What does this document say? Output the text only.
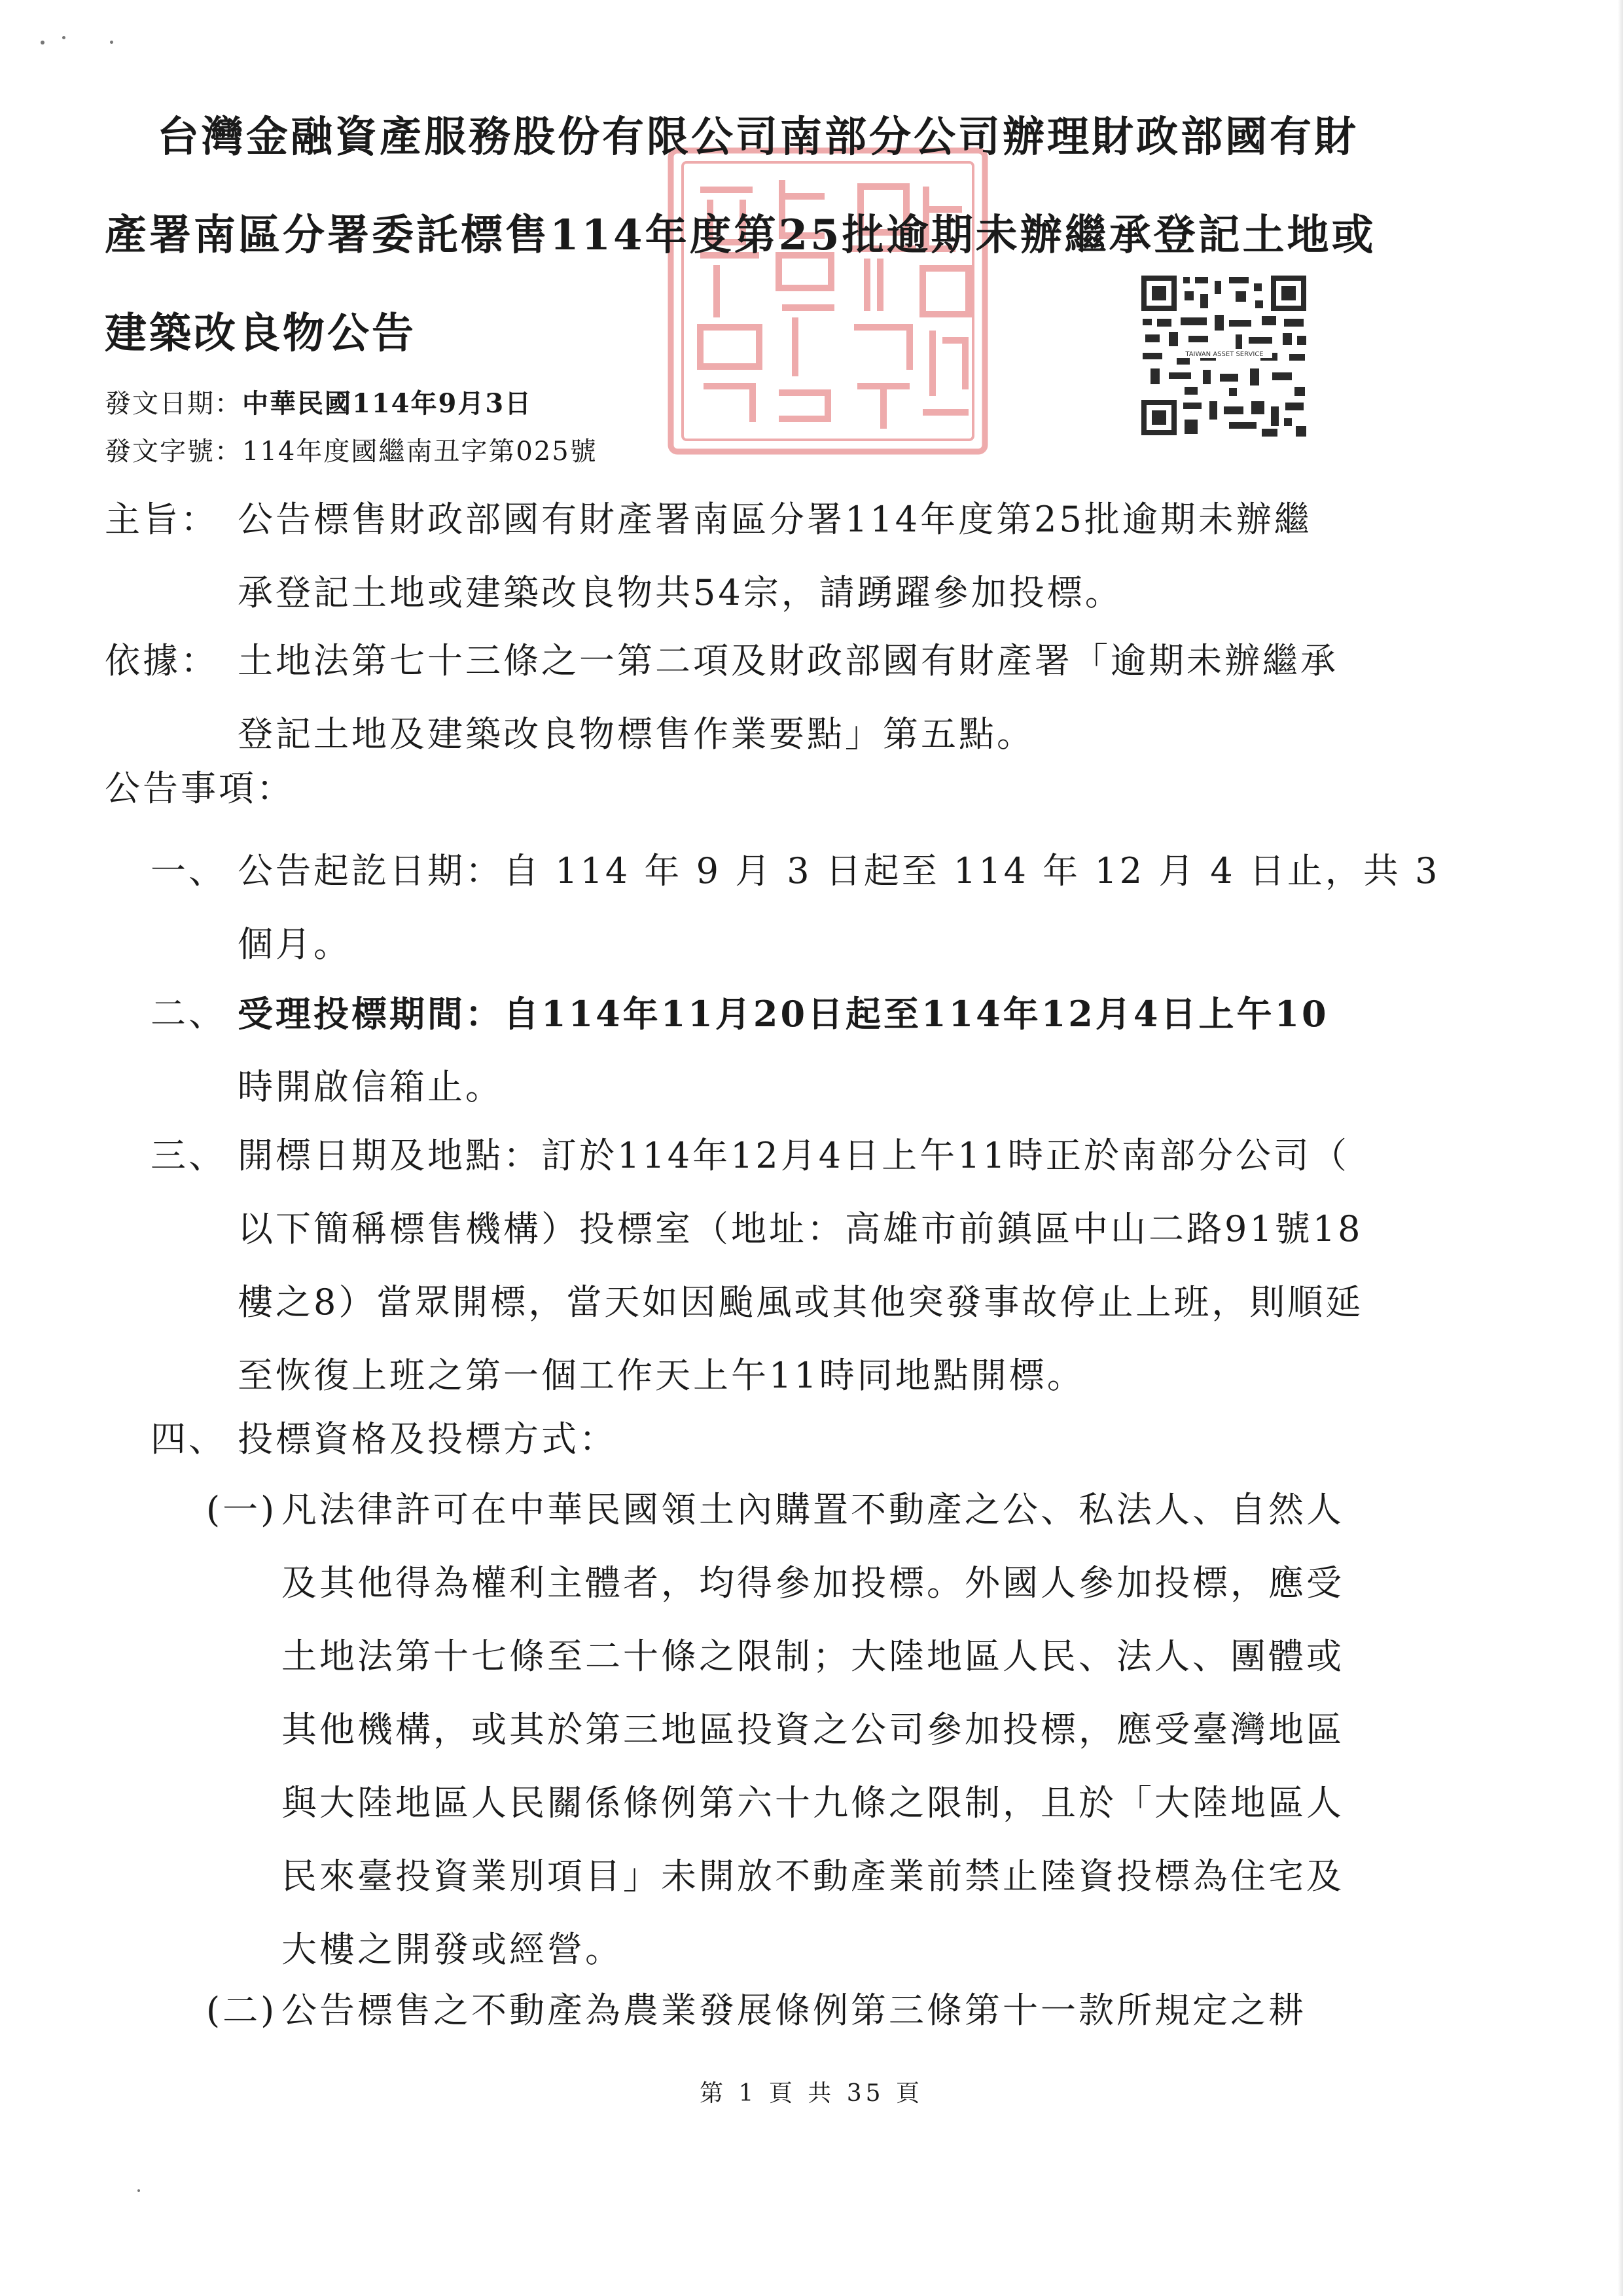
TAIWAN ASSET SERVICE
台灣金融資產服務股份有限公司南部分公司辦理財政部國有財
產署南區分署委託標售114年度第25批逾期未辦繼承登記土地或
建築改良物公告
發文日期：中華民國114年9月3日
發文字號：114年度國繼南丑字第025號
主旨： 公告標售財政部國有財產署南區分署114年度第25批逾期未辦繼
承登記土地或建築改良物共54宗，請踴躍參加投標。
依據： 土地法第七十三條之一第二項及財政部國有財產署「逾期未辦繼承
登記土地及建築改良物標售作業要點」第五點。
公告事項：
一、 公告起訖日期：自 114 年 9 月 3 日起至 114 年 12 月 4 日止，共 3
個月。
二、 受理投標期間：自114年11月20日起至114年12月4日上午10
時開啟信箱止。
三、 開標日期及地點：訂於114年12月4日上午11時正於南部分公司（
以下簡稱標售機構）投標室（地址：高雄市前鎮區中山二路91號18
樓之8）當眾開標，當天如因颱風或其他突發事故停止上班，則順延
至恢復上班之第一個工作天上午11時同地點開標。
四、 投標資格及投標方式：
(一) 凡法律許可在中華民國領土內購置不動產之公、私法人、自然人
及其他得為權利主體者，均得參加投標。外國人參加投標，應受
土地法第十七條至二十條之限制；大陸地區人民、法人、團體或
其他機構，或其於第三地區投資之公司參加投標，應受臺灣地區
與大陸地區人民關係條例第六十九條之限制，且於「大陸地區人
民來臺投資業別項目」未開放不動產業前禁止陸資投標為住宅及
大樓之開發或經營。
(二) 公告標售之不動產為農業發展條例第三條第十一款所規定之耕
第 1 頁 共 35 頁
